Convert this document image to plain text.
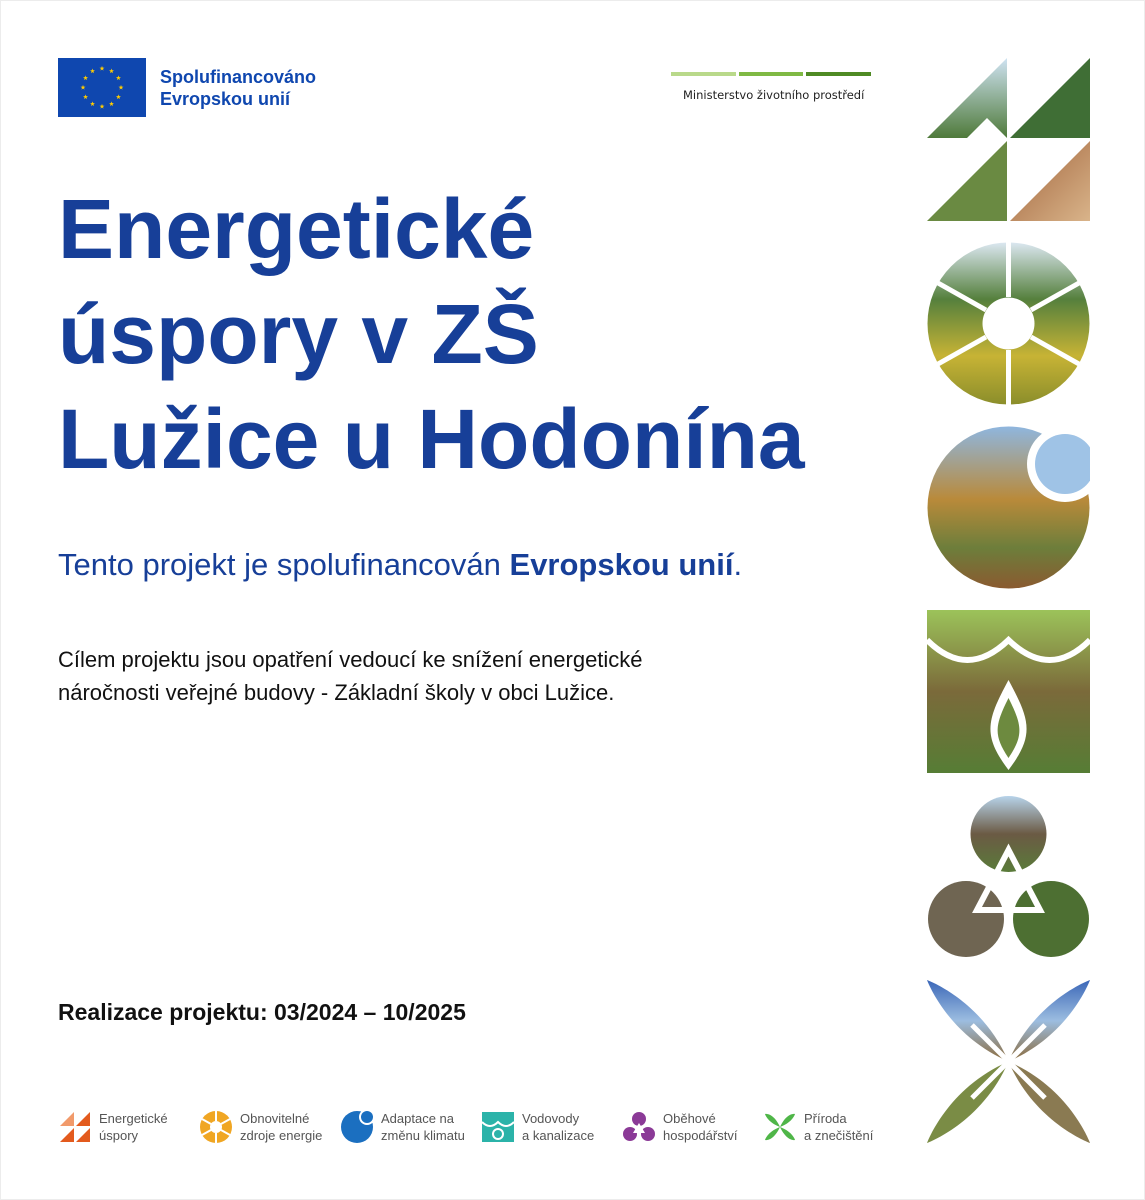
Spolufinancováno
Evropskou unií	Ministerstvo životního prostředí
Energetické
úspory v ZŠ
Lužice u Hodonína

Tento projekt je spolufinancován Evropskou unií.

Cílem projektu jsou opatření vedoucí ke snížení energetické
náročnosti veřejné budovy - Základní školy v obci Lužice.

Realizace projektu: 03/2024 – 10/2025

Energetické
úspory
Obnovitelné
zdroje energie
Adaptace na
změnu klimatu
Vodovody
a kanalizace
Oběhové
hospodářství
Příroda
a znečištění
